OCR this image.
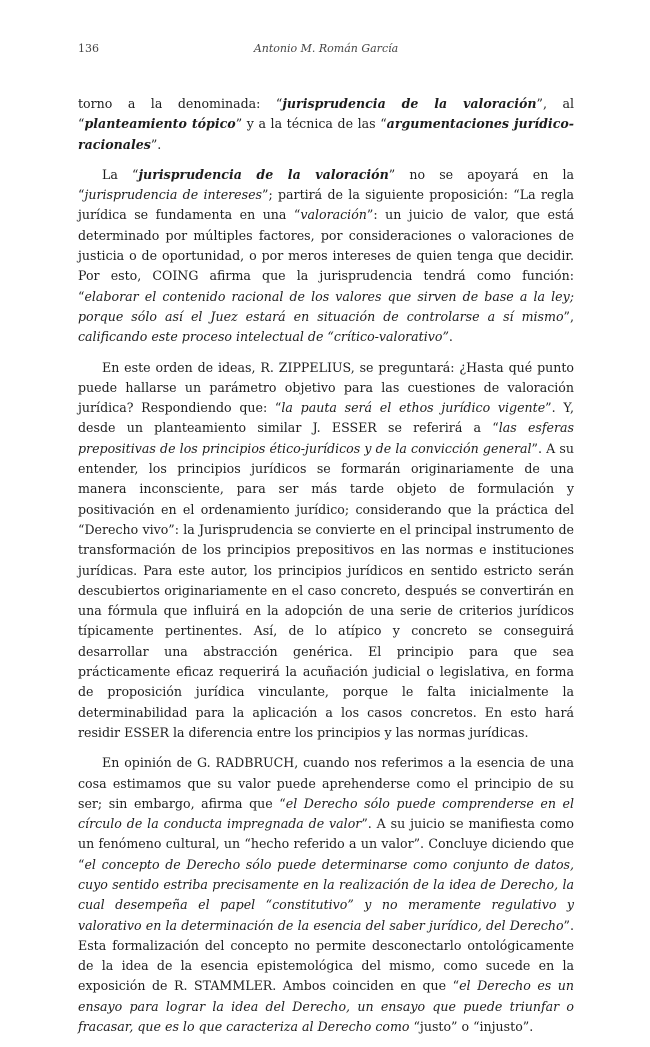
136	Antonio M. Román García

torno a la denominada: “jurisprudencia de la valoración”, al “planteamiento tópico” y a la técnica de las “argumentaciones jurídico-racionales”.

La “jurisprudencia de la valoración” no se apoyará en la “jurisprudencia de intereses”; partirá de la siguiente proposición: “La regla jurídica se fundamenta en una “valoración”: un juicio de valor, que está determinado por múltiples factores, por consideraciones o valoraciones de justicia o de oportunidad, o por meros intereses de quien tenga que decidir. Por esto, COING afirma que la jurisprudencia tendrá como función: “elaborar el contenido racional de los valores que sirven de base a la ley; porque sólo así el Juez estará en situación de controlarse a sí mismo”, calificando este proceso intelectual de “crítico-valorativo”.

En este orden de ideas, R. ZIPPELIUS, se preguntará: ¿Hasta qué punto puede hallarse un parámetro objetivo para las cuestiones de valoración jurídica? Respondiendo que: “la pauta será el ethos jurídico vigente”. Y, desde un planteamiento similar J. ESSER se referirá a “las esferas prepositivas de los principios ético-jurídicos y de la convicción general”. A su entender, los principios jurídicos se formarán originariamente de una manera inconsciente, para ser más tarde objeto de formulación y positivación en el ordenamiento jurídico; considerando que la práctica del “Derecho vivo”: la Jurisprudencia se convierte en el principal instrumento de transformación de los principios prepositivos en las normas e instituciones jurídicas. Para este autor, los principios jurídicos en sentido estricto serán descubiertos originariamente en el caso concreto, después se convertirán en una fórmula que influirá en la adopción de una serie de criterios jurídicos típicamente pertinentes. Así, de lo atípico y concreto se conseguirá desarrollar una abstracción genérica. El principio para que sea prácticamente eficaz requerirá la acuñación judicial o legislativa, en forma de proposición jurídica vinculante, porque le falta inicialmente la determinabilidad para la aplicación a los casos concretos. En esto hará residir ESSER la diferencia entre los principios y las normas jurídicas.

En opinión de G. RADBRUCH, cuando nos referimos a la esencia de una cosa estimamos que su valor puede aprehenderse como el principio de su ser; sin embargo, afirma que “el Derecho sólo puede comprenderse en el círculo de la conducta impregnada de valor”. A su juicio se manifiesta como un fenómeno cultural, un “hecho referido a un valor”. Concluye diciendo que “el concepto de Derecho sólo puede determinarse como conjunto de datos, cuyo sentido estriba precisamente en la realización de la idea de Derecho, la cual desempeña el papel “constitutivo” y no meramente regulativo y valorativo en la determinación de la esencia del saber jurídico, del Derecho”. Esta formalización del concepto no permite desconectarlo ontológicamente de la idea de la esencia epistemológica del mismo, como sucede en la exposición de R. STAMMLER. Ambos coinciden en que “el Derecho es un ensayo para lograr la idea del Derecho, un ensayo que puede triunfar o fracasar, que es lo que caracteriza al Derecho como “justo” o “injusto”.
